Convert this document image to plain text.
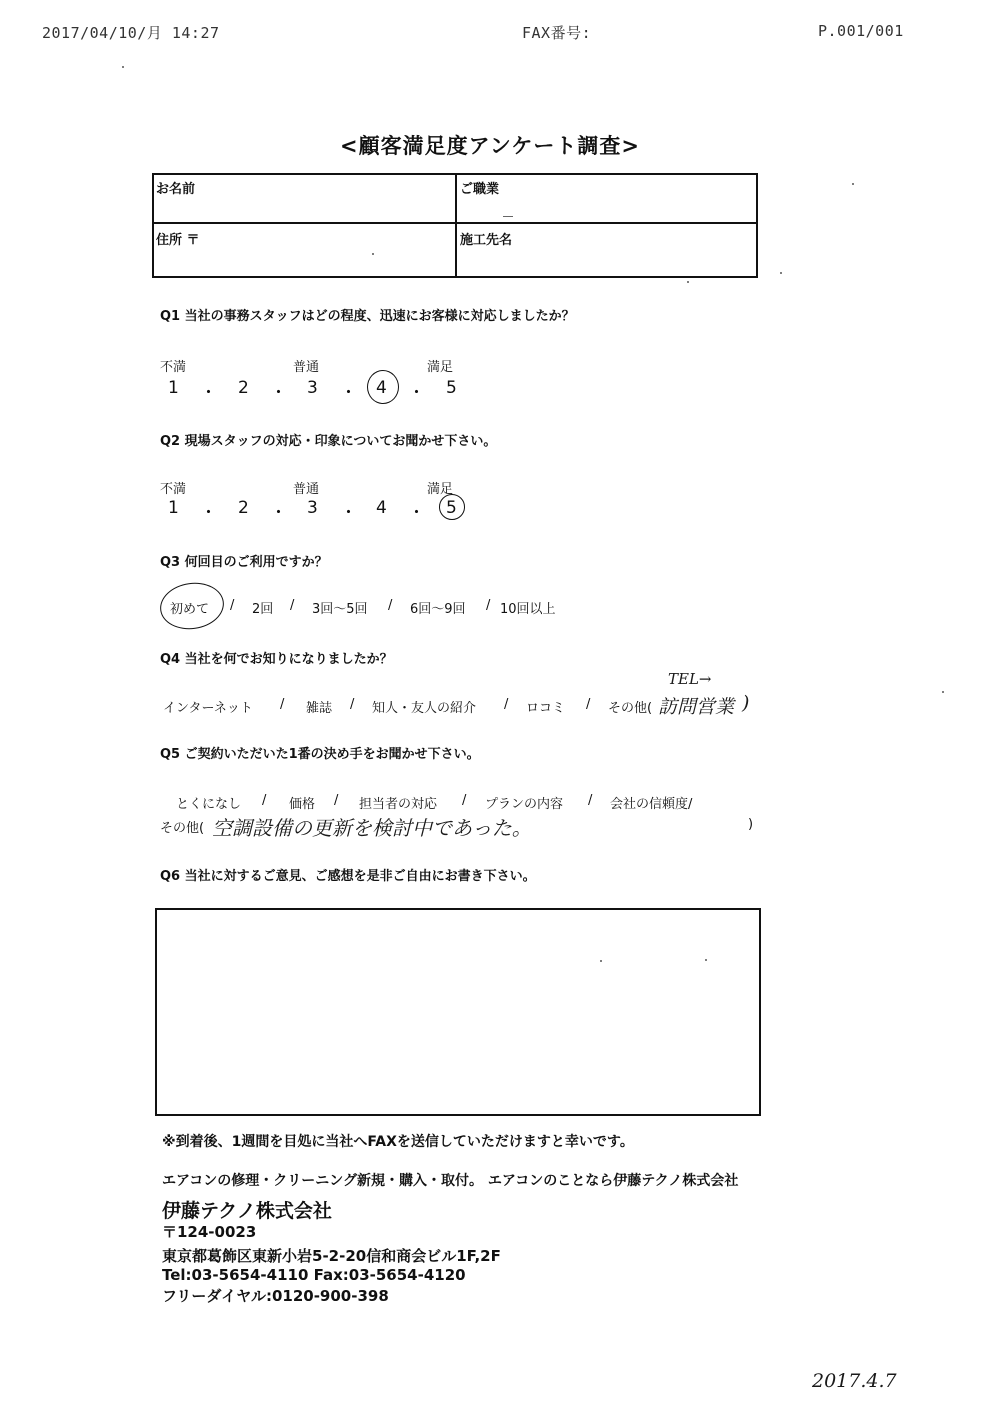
2017/04/10/月 14:27	FAX番号:	P.001/001
<顧客満足度アンケート調査>
お名前	ご職業
住所 〒	施工先名
Q1 当社の事務スタッフはどの程度、迅速にお客様に対応しましたか？
不満	普通	満足
1 ・ 2 ・ 3 ・ 4 ・ 5
Q2 現場スタッフの対応・印象についてお聞かせ下さい。
不満	普通	満足
1 ・ 2 ・ 3 ・ 4 ・ 5
Q3 何回目のご利用ですか？
初めて / 2回 / 3回〜5回 / 6回〜9回 / 10回以上
Q4 当社を何でお知りになりましたか？
インターネット / 雑誌 / 知人・友人の紹介 / ロコミ / その他(
TEL→
訪問営業 )
Q5 ご契約いただいた1番の決め手をお聞かせ下さい。
とくになし / 価格 / 担当者の対応 / プランの内容 / 会社の信頼度/
その他( 空調設備の更新を検討中であった。	)
Q6 当社に対するご意見、ご感想を是非ご自由にお書き下さい。
※到着後、1週間を目処に当社へFAXを送信していただけますと幸いです。
エアコンの修理・クリーニング新規・購入・取付。 エアコンのことなら伊藤テクノ株式会社
伊藤テクノ株式会社
〒124-0023
東京都葛飾区東新小岩5-2-20信和商会ビル1F,2F
Tel:03-5654-4110 Fax:03-5654-4120
フリーダイヤル:0120-900-398
2017.4.7
